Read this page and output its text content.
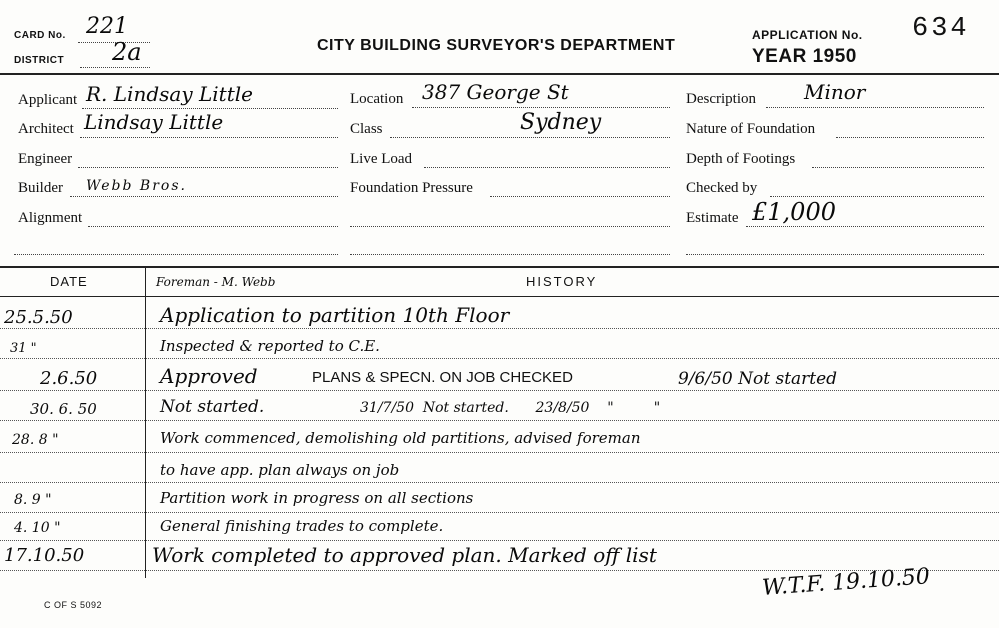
CARD No. 221
DISTRICT 2a	CITY BUILDING SURVEYOR'S DEPARTMENT
APPLICATION No. 634
YEAR 1950
Applicant R. Lindsay Little
Architect Lindsay Little
Engineer
Builder Webb Bros.
Alignment
Location 387 George St
Class	Sydney
Live Load
Foundation Pressure
Description Minor
Nature of Foundation
Depth of Footings
Checked by
Estimate £1,000
DATE	HISTORY
Foreman - M. Webb
25.5.50	Application to partition 10th Floor
31 "	Inspected & reported to C.E.
2.6.50	Approved	PLANS & SPECN. ON JOB CHECKED	9/6/50 Not started
30. 6. 50	Not started.	31/7/50  Not started.      23/8/50    "         "
28. 8 "	Work commenced, demolishing old partitions, advised foreman
to have app. plan always on job
8. 9 "	Partition work in progress on all sections
4. 10 "	General finishing trades to complete.
17.10.50	Work completed to approved plan. Marked off list
W.T.F. 19.10.50
C OF S 5092
